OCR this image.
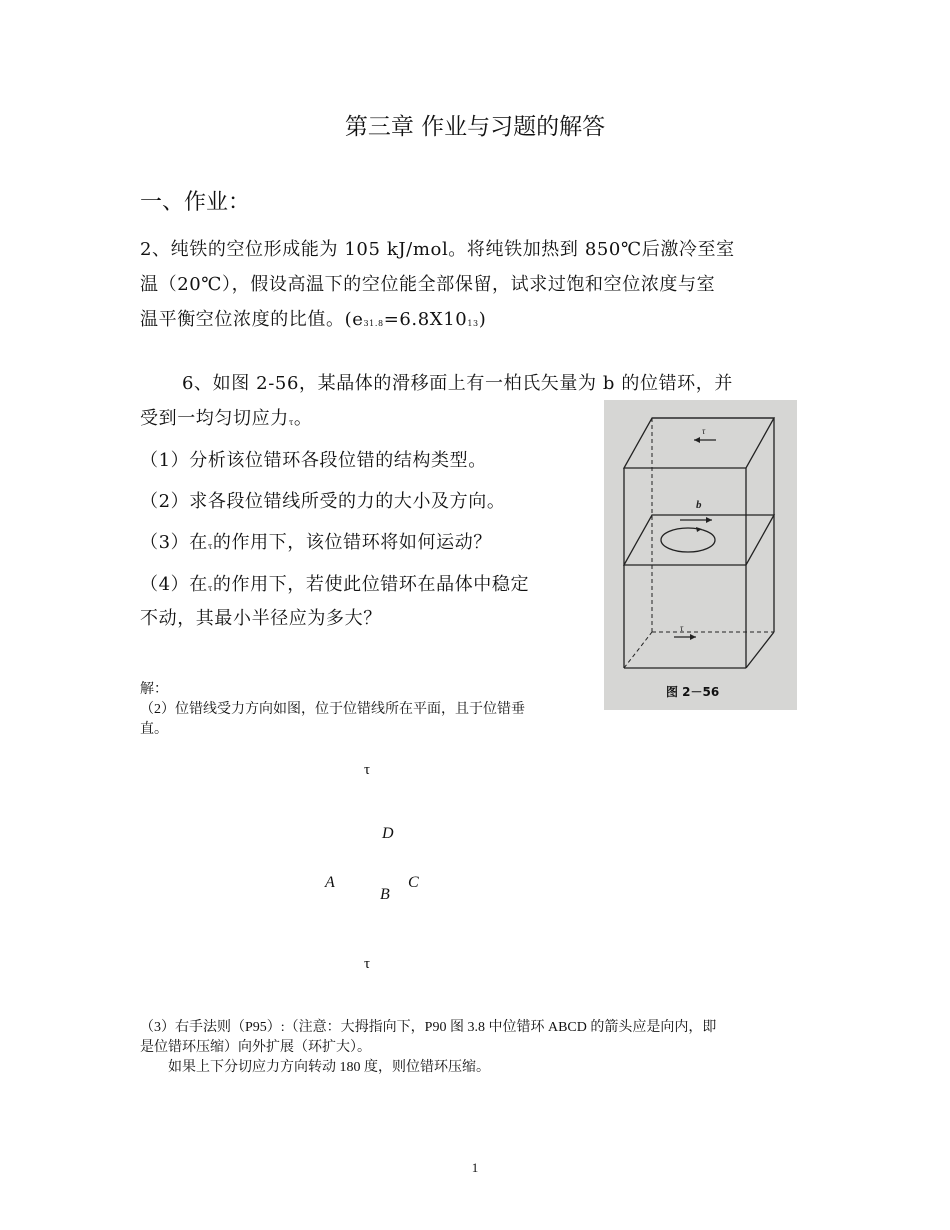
第三章 作业与习题的解答
一、作业：
2、纯铁的空位形成能为 105 kJ/mol。将纯铁加热到 850℃后激冷至室
温（20℃），假设高温下的空位能全部保留，试求过饱和空位浓度与室
温平衡空位浓度的比值。(e31.8=6.8X1013)
6、如图 2-56，某晶体的滑移面上有一柏氏矢量为 b 的位错环，并
受到一均匀切应力τ。
（1）分析该位错环各段位错的结构类型。
（2）求各段位错线所受的力的大小及方向。
（3）在τ的作用下，该位错环将如何运动？
（4）在τ的作用下，若使此位错环在晶体中稳定
不动，其最小半径应为多大？
τ
b
τ
图 2－56
解：
（2）位错线受力方向如图，位于位错线所在平面，且于位错垂
直。
τ
D
A	C
B
τ
（3）右手法则（P95）:（注意：大拇指向下，P90 图 3.8 中位错环 ABCD 的箭头应是向内，即
是位错环压缩）向外扩展（环扩大）。
如果上下分切应力方向转动 180 度，则位错环压缩。
1
